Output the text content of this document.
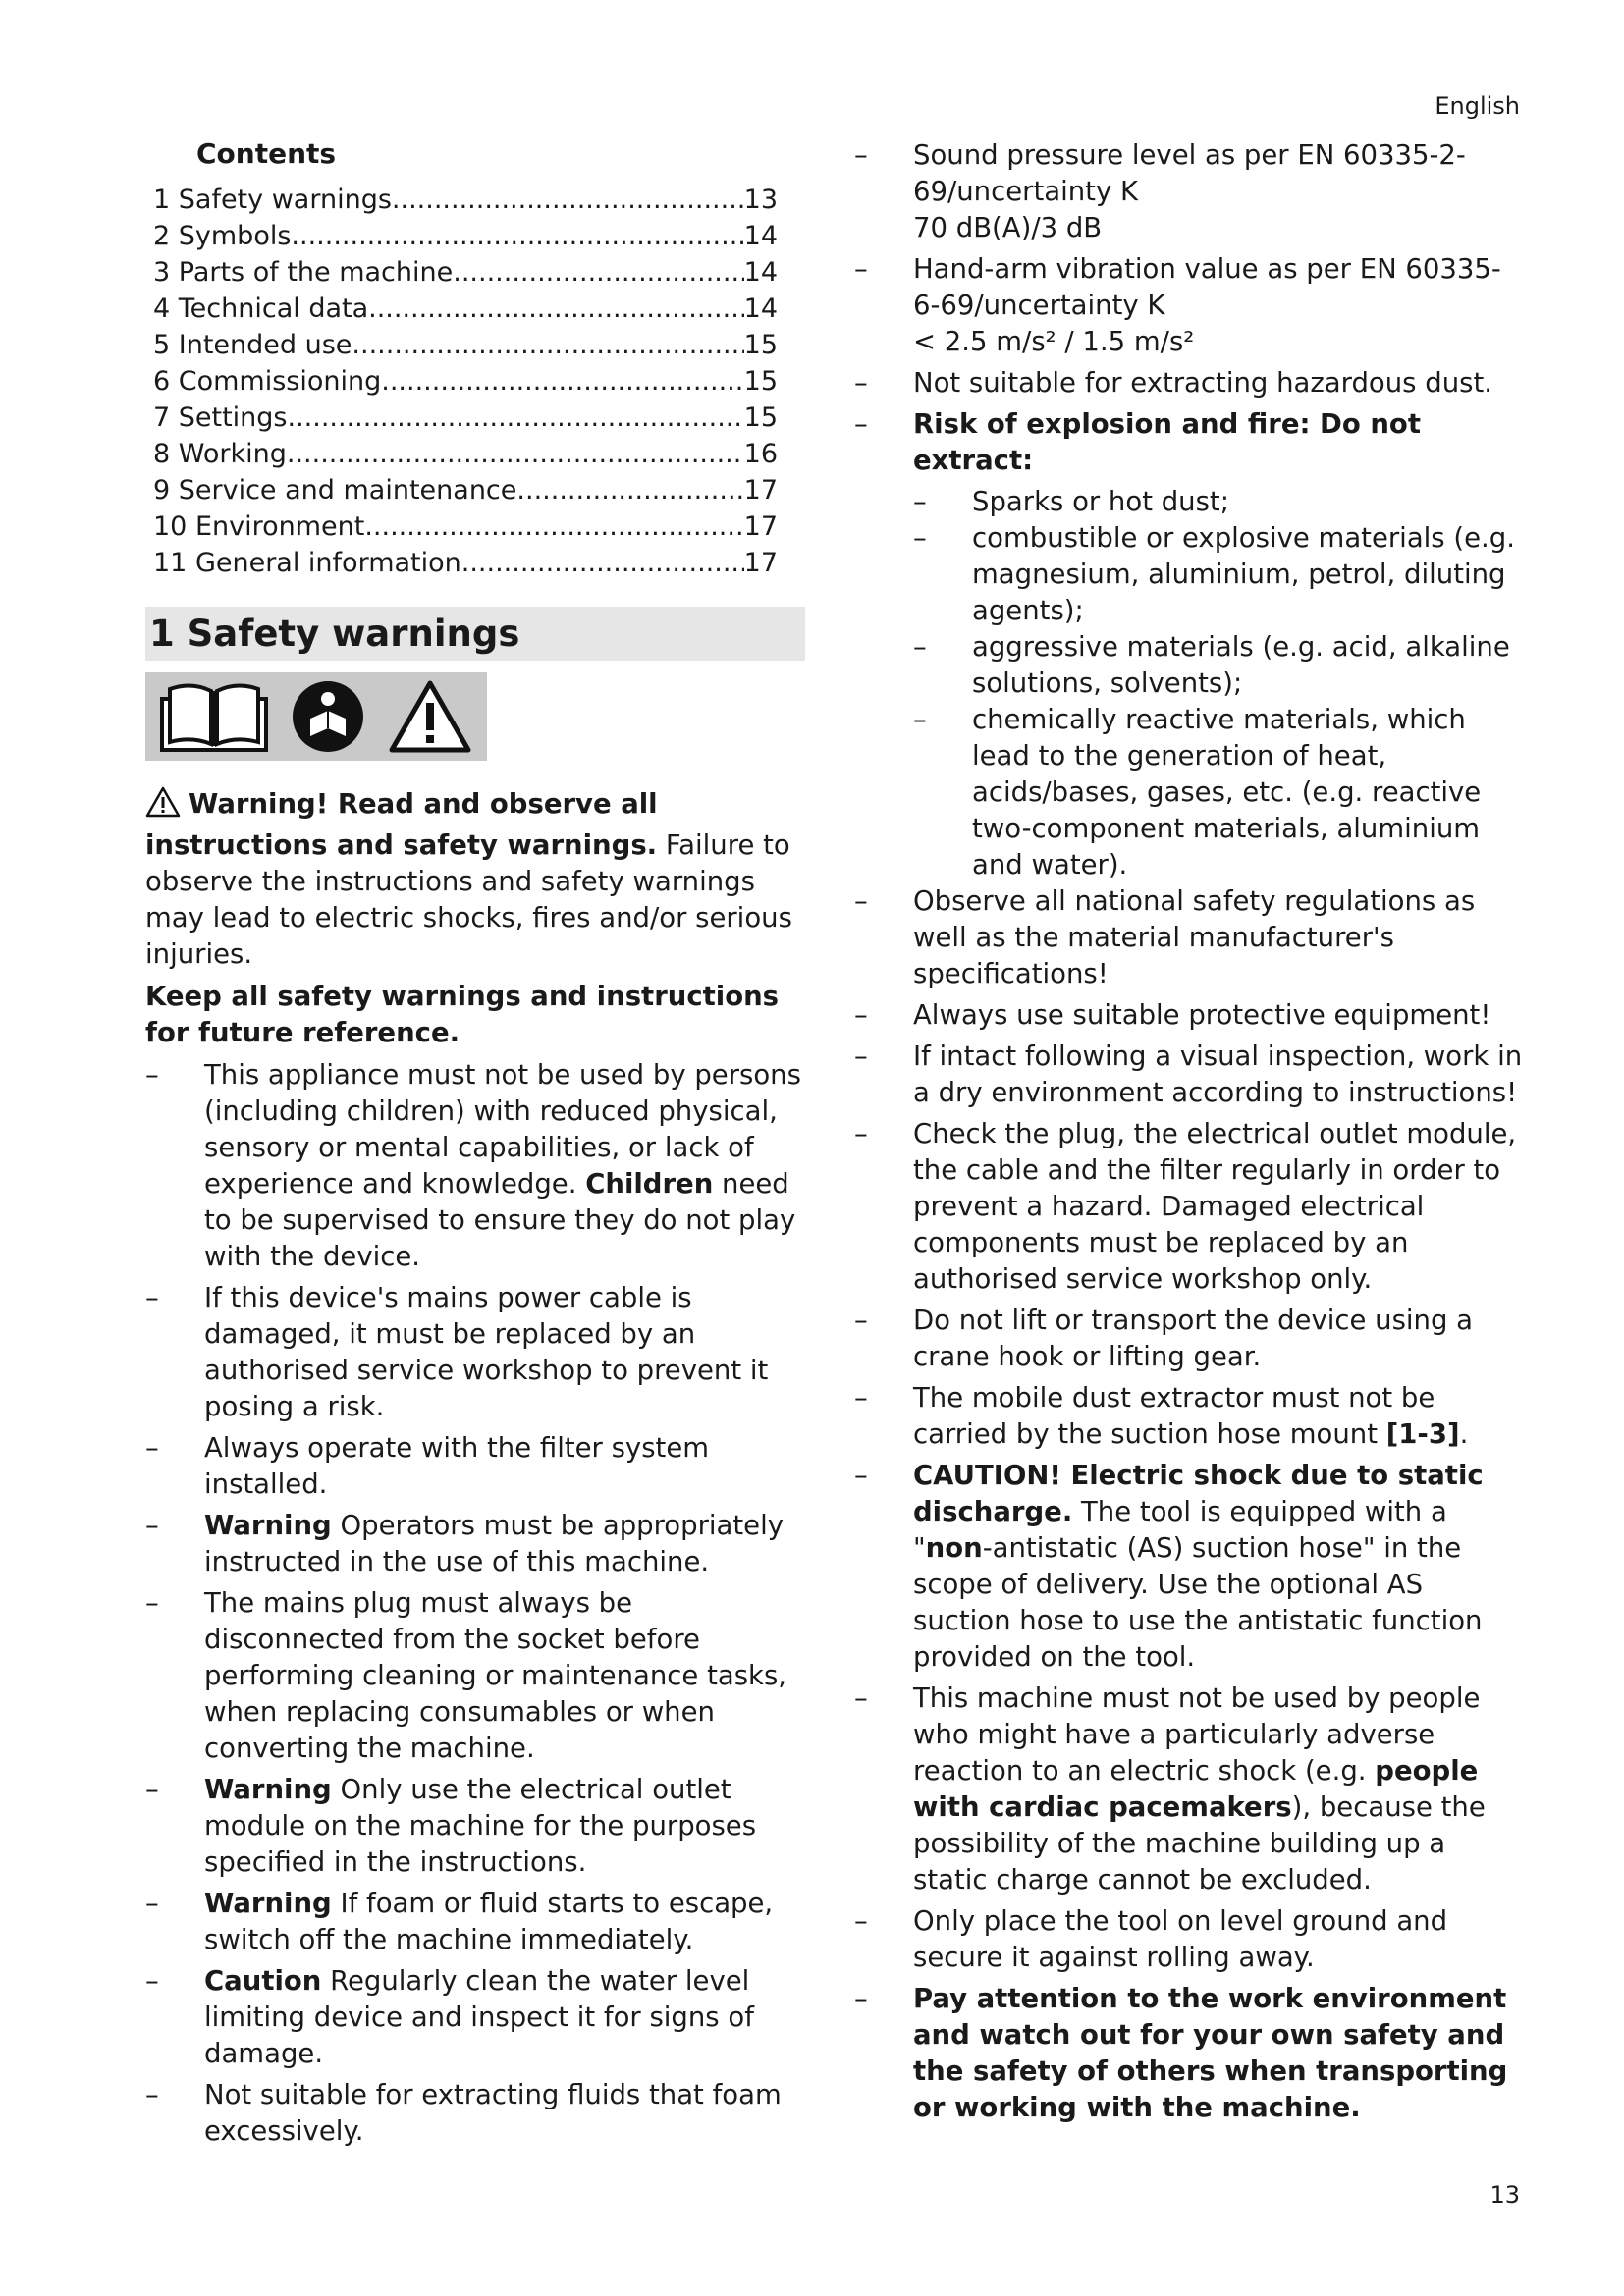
English
Contents
1 Safety warnings .....	13
2 Symbols .....	14
3 Parts of the machine .....	14
4 Technical data .....	14
5 Intended use .....	15
6 Commissioning .....	15
7 Settings .....	15
8 Working .....	16
9 Service and maintenance .....	17
10 Environment .....	17
11 General information .....	17
1 Safety warnings

Warning! Read and observe all instructions and safety warnings. Failure to observe the instructions and safety warnings may lead to electric shocks, fires and/or serious injuries.

Keep all safety warnings and instructions for future reference.

– This appliance must not be used by persons (including children) with reduced physical, sensory or mental capabilities, or lack of experience and knowledge. Children need to be supervised to ensure they do not play with the device.
– If this device's mains power cable is damaged, it must be replaced by an authorised service workshop to prevent it posing a risk.
– Always operate with the filter system installed.
– Warning Operators must be appropriately instructed in the use of this machine.
– The mains plug must always be disconnected from the socket before performing cleaning or maintenance tasks, when replacing consumables or when converting the machine.
– Warning Only use the electrical outlet module on the machine for the purposes specified in the instructions.
– Warning If foam or fluid starts to escape, switch off the machine immediately.
– Caution Regularly clean the water level limiting device and inspect it for signs of damage.
– Not suitable for extracting fluids that foam excessively.
– Sound pressure level as per EN 60335-2-69/uncertainty K
70 dB(A)/3 dB
– Hand-arm vibration value as per EN 60335-6-69/uncertainty K
< 2.5 m/s² / 1.5 m/s²
– Not suitable for extracting hazardous dust.
– Risk of explosion and fire: Do not extract:
– Sparks or hot dust;
– combustible or explosive materials (e.g. magnesium, aluminium, petrol, diluting agents);
– aggressive materials (e.g. acid, alkaline solutions, solvents);
– chemically reactive materials, which lead to the generation of heat, acids/bases, gases, etc. (e.g. reactive two-component materials, aluminium and water).
– Observe all national safety regulations as well as the material manufacturer's specifications!
– Always use suitable protective equipment!
– If intact following a visual inspection, work in a dry environment according to instructions!
– Check the plug, the electrical outlet module, the cable and the filter regularly in order to prevent a hazard. Damaged electrical components must be replaced by an authorised service workshop only.
– Do not lift or transport the device using a crane hook or lifting gear.
– The mobile dust extractor must not be carried by the suction hose mount [1-3].
– CAUTION! Electric shock due to static discharge. The tool is equipped with a "non-antistatic (AS) suction hose" in the scope of delivery. Use the optional AS suction hose to use the antistatic function provided on the tool.
– This machine must not be used by people who might have a particularly adverse reaction to an electric shock (e.g. people with cardiac pacemakers), because the possibility of the machine building up a static charge cannot be excluded.
– Only place the tool on level ground and secure it against rolling away.
– Pay attention to the work environment and watch out for your own safety and the safety of others when transporting or working with the machine.
13
